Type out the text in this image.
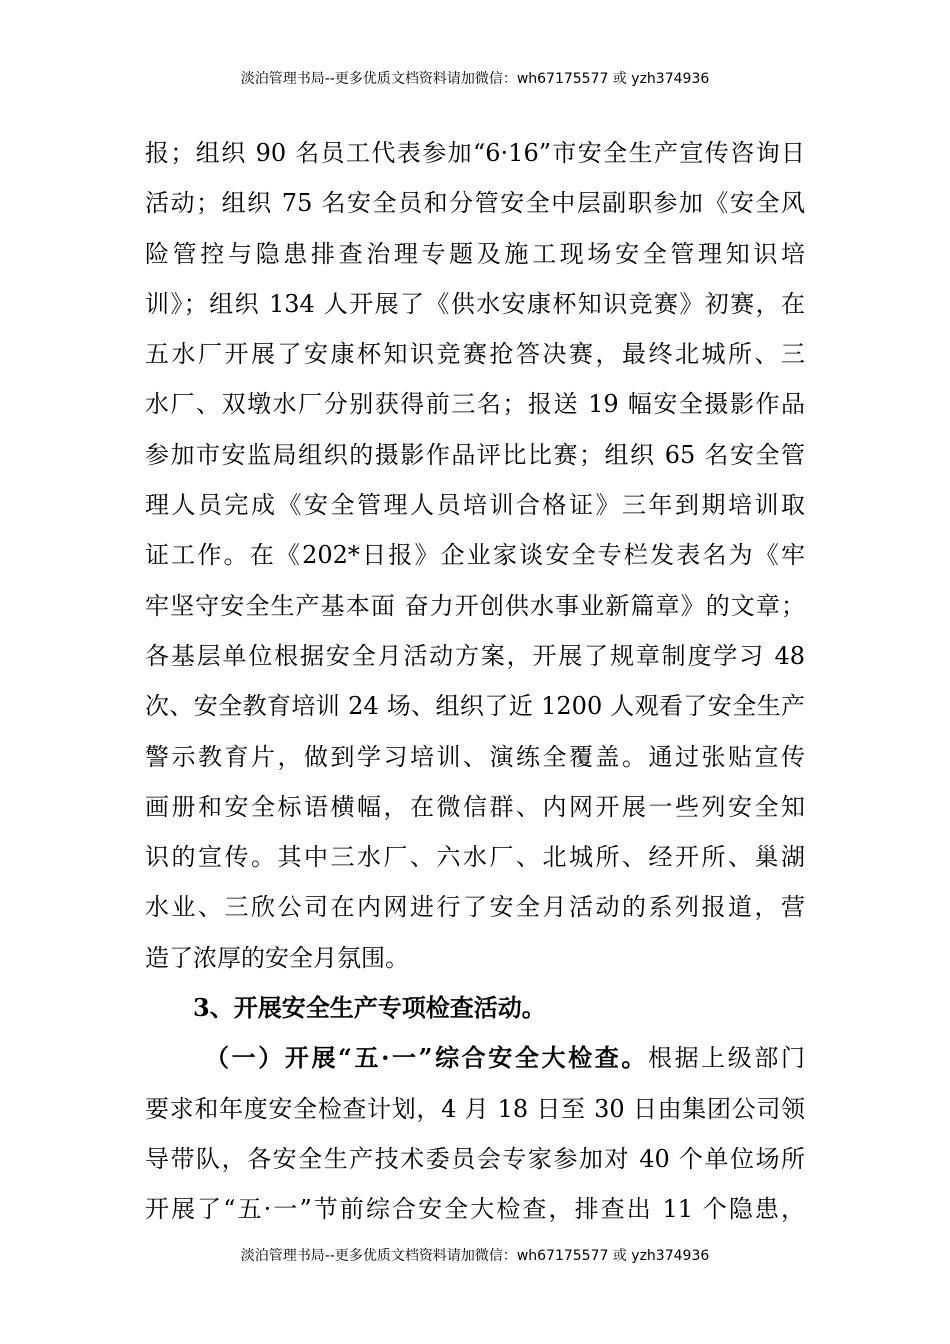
淡泊管理书局--更多优质文档资料请加微信：wh67175577 或 yzh374936
报；组织 90 名员工代表参加“6·16”市安全生产宣传咨询日
活动；组织 75 名安全员和分管安全中层副职参加《安全风
险管控与隐患排查治理专题及施工现场安全管理知识培
训》；组织 134 人开展了《供水安康杯知识竞赛》初赛，在
五水厂开展了安康杯知识竞赛抢答决赛，最终北城所、三
水厂、双墩水厂分别获得前三名；报送 19 幅安全摄影作品
参加市安监局组织的摄影作品评比比赛；组织 65 名安全管
理人员完成《安全管理人员培训合格证》三年到期培训取
证工作。在《202*日报》企业家谈安全专栏发表名为《牢
牢坚守安全生产基本面 奋力开创供水事业新篇章》的文章；
各基层单位根据安全月活动方案，开展了规章制度学习 48
次、安全教育培训 24 场、组织了近 1200 人观看了安全生产
警示教育片，做到学习培训、演练全覆盖。通过张贴宣传
画册和安全标语横幅，在微信群、内网开展一些列安全知
识的宣传。其中三水厂、六水厂、北城所、经开所、巢湖
水业、三欣公司在内网进行了安全月活动的系列报道，营
造了浓厚的安全月氛围。
3、开展安全生产专项检查活动。
（一）开展“五·一”综合安全大检查。根据上级部门
要求和年度安全检查计划，4 月 18 日至 30 日由集团公司领
导带队，各安全生产技术委员会专家参加对 40 个单位场所
开展了“五·一”节前综合安全大检查，排查出 11 个隐患，
淡泊管理书局--更多优质文档资料请加微信：wh67175577 或 yzh374936
